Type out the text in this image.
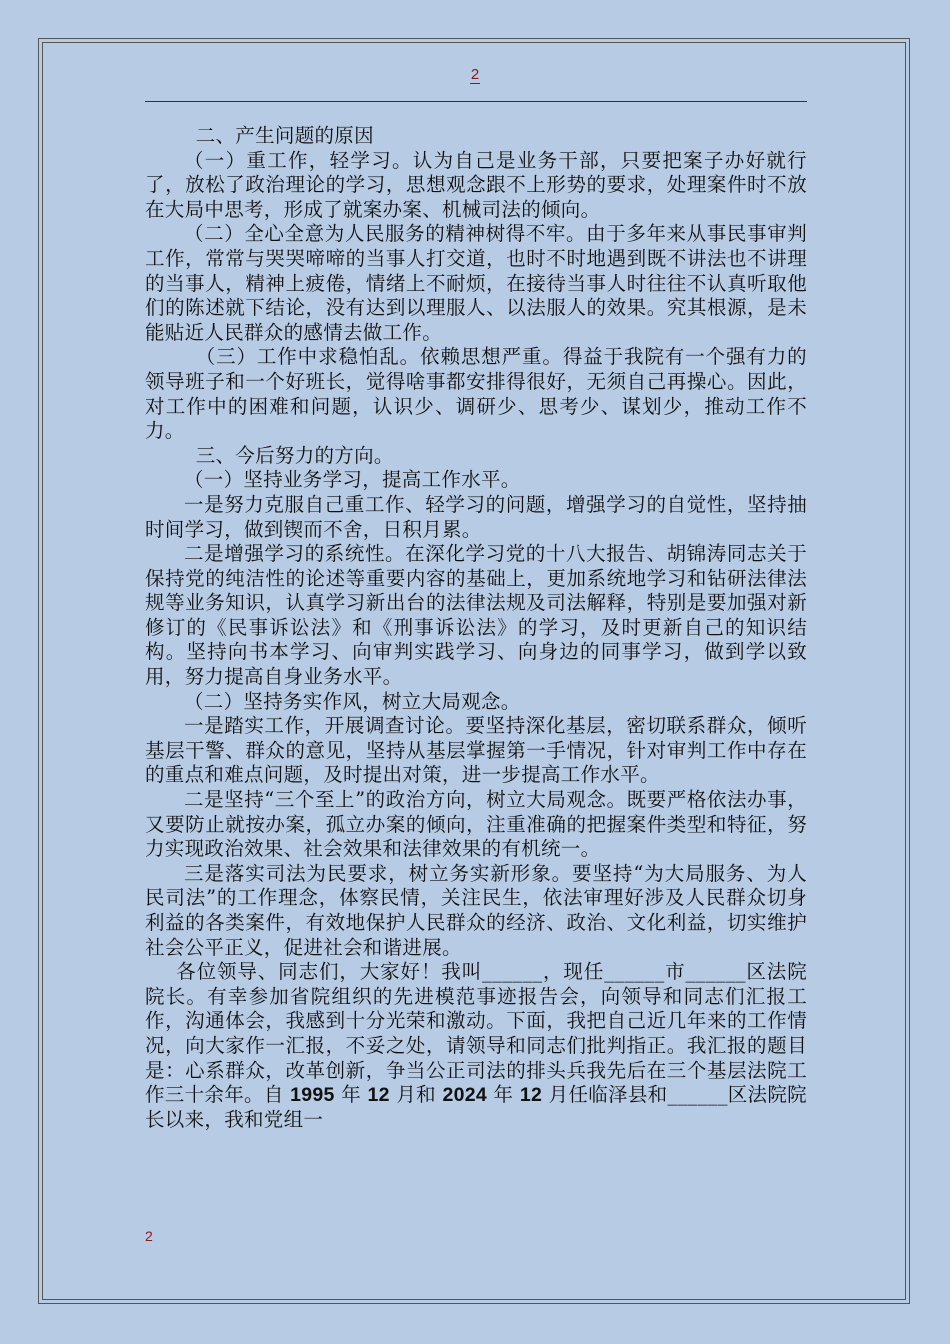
2

二、产生问题的原因

（一）重工作，轻学习。认为自己是业务干部，只要把案子办好就行了，放松了政治理论的学习，思想观念跟不上形势的要求，处理案件时不放在大局中思考，形成了就案办案、机械司法的倾向。

（二）全心全意为人民服务的精神树得不牢。由于多年来从事民事审判工作，常常与哭哭啼啼的当事人打交道，也时不时地遇到既不讲法也不讲理的当事人，精神上疲倦，情绪上不耐烦，在接待当事人时往往不认真听取他们的陈述就下结论，没有达到以理服人、以法服人的效果。究其根源，是未能贴近人民群众的感情去做工作。

（三）工作中求稳怕乱。依赖思想严重。得益于我院有一个强有力的领导班子和一个好班长，觉得啥事都安排得很好，无须自己再操心。因此，对工作中的困难和问题，认识少、调研少、思考少、谋划少，推动工作不力。

三、今后努力的方向。

（一）坚持业务学习，提高工作水平。

一是努力克服自己重工作、轻学习的问题，增强学习的自觉性，坚持抽时间学习，做到锲而不舍，日积月累。

二是增强学习的系统性。在深化学习党的十八大报告、胡锦涛同志关于保持党的纯洁性的论述等重要内容的基础上，更加系统地学习和钻研法律法规等业务知识，认真学习新出台的法律法规及司法解释，特别是要加强对新修订的《民事诉讼法》和《刑事诉讼法》的学习，及时更新自己的知识结构。坚持向书本学习、向审判实践学习、向身边的同事学习，做到学以致用，努力提高自身业务水平。

（二）坚持务实作风，树立大局观念。

一是踏实工作，开展调查讨论。要坚持深化基层，密切联系群众，倾听基层干警、群众的意见，坚持从基层掌握第一手情况，针对审判工作中存在的重点和难点问题，及时提出对策，进一步提高工作水平。

二是坚持“三个至上”的政治方向，树立大局观念。既要严格依法办事，又要防止就按办案，孤立办案的倾向，注重准确的把握案件类型和特征，努力实现政治效果、社会效果和法律效果的有机统一。

三是落实司法为民要求，树立务实新形象。要坚持“为大局服务、为人民司法”的工作理念，体察民情，关注民生，依法审理好涉及人民群众切身利益的各类案件，有效地保护人民群众的经济、政治、文化利益，切实维护社会公平正义，促进社会和谐进展。

各位领导、同志们，大家好！我叫______，现任______市______区法院院长。有幸参加省院组织的先进模范事迹报告会，向领导和同志们汇报工作，沟通体会，我感到十分光荣和激动。下面，我把自己近几年来的工作情况，向大家作一汇报，不妥之处，请领导和同志们批判指正。我汇报的题目是：心系群众，改革创新，争当公正司法的排头兵我先后在三个基层法院工作三十余年。自 1995 年 12 月和 2024 年 12 月任临泽县和______区法院院长以来，我和党组一

2
